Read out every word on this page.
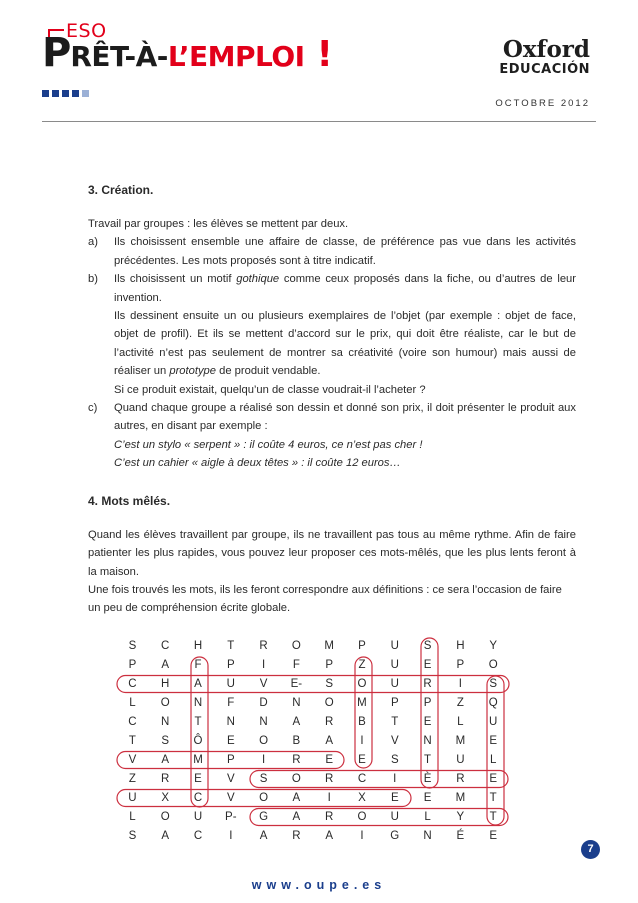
ESO
P RÊT-À- L’EMPLOI !	Oxford
EDUCACIÓN
OCTOBRE 2012
3. Création.

Travail par groupes : les élèves se mettent par deux.

a) Ils choisissent ensemble une affaire de classe, de préférence pas vue dans les activités précédentes. Les mots proposés sont à titre indicatif.
b) Ils choisissent un motif gothique comme ceux proposés dans la fiche, ou d’autres de leur invention.
Ils dessinent ensuite un ou plusieurs exemplaires de l’objet (par exemple : objet de face, objet de profil). Et ils se mettent d’accord sur le prix, qui doit être réaliste, car le but de l’activité n’est pas seulement de montrer sa créativité (voire son humour) mais aussi de réaliser un prototype de produit vendable.
Si ce produit existait, quelqu’un de classe voudrait-il l’acheter ?
c) Quand chaque groupe a réalisé son dessin et donné son prix, il doit présenter le produit aux autres, en disant par exemple :
C’est un stylo « serpent » : il coûte 4 euros, ce n’est pas cher !
C’est un cahier « aigle à deux têtes » : il coûte 12 euros…
4. Mots mêlés.

Quand les élèves travaillent par groupe, ils ne travaillent pas tous au même rythme. Afin de faire patienter les plus rapides, vous pouvez leur proposer ces mots-mêlés, que les plus lents feront à la maison.

Une fois trouvés les mots, ils les feront correspondre aux définitions : ce sera l’occasion de faire un peu de compréhension écrite globale.

S	C	H	T	R	O	M	P	U	S	H	Y
P	A	F	P	I	F	P	Z	U	E	P	O
C	H	A	U	V	E-	S	O	U	R	I	S
L	O	N	F	D	N	O	M	P	P	Z	Q
C	N	T	N	N	A	R	B	T	E	L	U
T	S	Ô	E	O	B	A	I	V	N	M	E
V	A	M	P	I	R	E	E	S	T	U	L
Z	R	E	V	S	O	R	C	I	È	R	E
U	X	C	V	O	A	I	X	E	E	M	T
L	O	U	P-	G	A	R	O	U	L	Y	T
S	A	C	I	A	R	A	I	G	N	É	E
7
www.oupe.es
